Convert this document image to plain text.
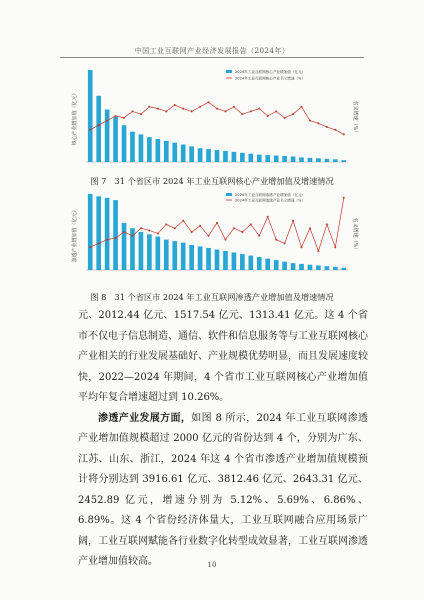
中国工业互联网产业经济发展报告（2024年）
核心产业增加值（亿元）	名义增速（%）
2024年工业互联网核心产业增加值（亿元）
2024年工业互联网核心产业名义增速（%）
图 7　31 个省区市 2024 年工业互联网核心产业增加值及增速情况
渗透产业增加值（亿元）	名义增速（%）
2024年工业互联网渗透产业增加值（亿元）
2024年工业互联网渗透产业名义增速（%）
图 8　31 个省区市 2024 年工业互联网渗透产业增加值及增速情况

元、2012.44 亿元、1517.54 亿元、1313.41 亿元。这 4 个省市不仅电子信息制造、通信、软件和信息服务等与工业互联网核心产业相关的行业发展基础好、产业规模优势明显，而且发展速度较快，2022—2024 年期间，4 个省市工业互联网核心产业增加值平均年复合增速超过到 10.26%。

渗透产业发展方面，如图 8 所示，2024 年工业互联网渗透产业增加值规模超过 2000 亿元的省份达到 4 个，分别为广东、江苏、山东、浙江，2024 年这 4 个省市渗透产业增加值规模预计将分别达到 3916.61 亿元、3812.46 亿元、2643.31 亿元、2452.89 亿元，增速分别为 5.12%、5.69%、6.86%、6.89%。这 4 个省份经济体量大，工业互联网融合应用场景广阔，工业互联网赋能各行业数字化转型成效显著，工业互联网渗透产业增加值较高。	10
